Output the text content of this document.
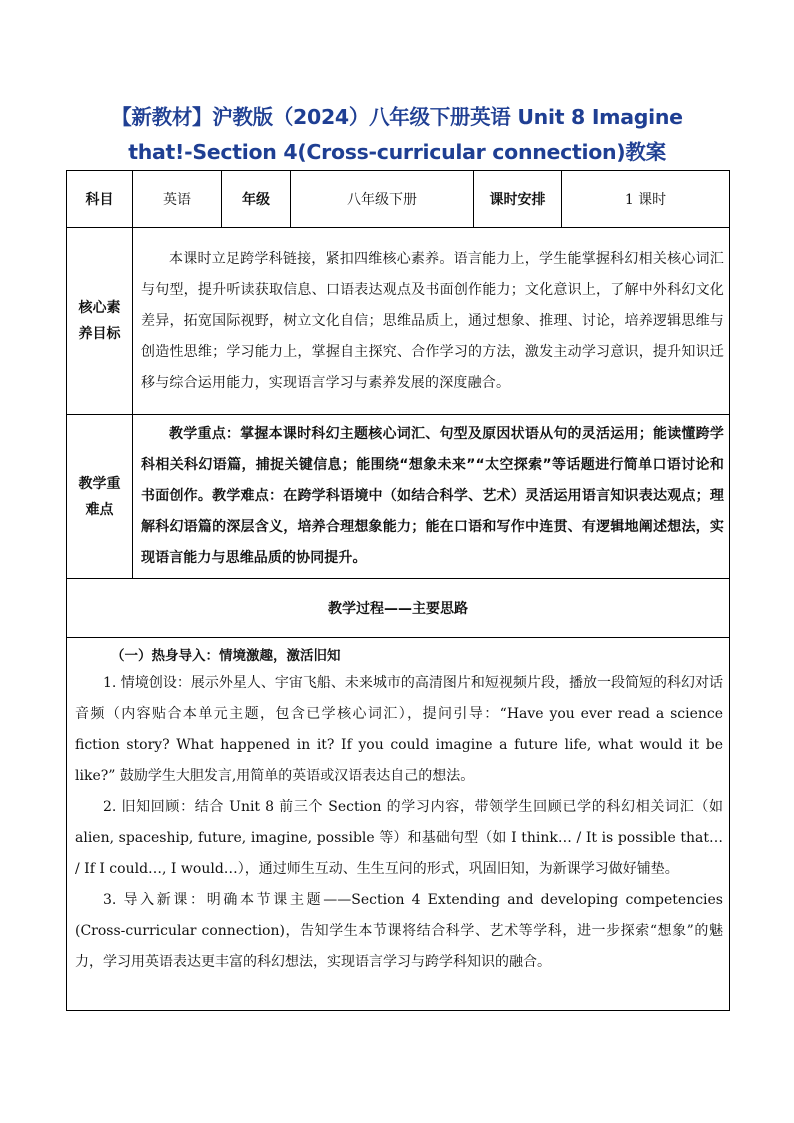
【新教材】沪教版（2024）八年级下册英语 Unit 8 Imagine
that!-Section 4(Cross-curricular connection)教案
科目	英语	年级	八年级下册	课时安排	1 课时

核心素
养目标	本课时立足跨学科链接，紧扣四维核心素养。语言能力上，学生能掌握科幻相关核心词汇与句型，提升听读获取信息、口语表达观点及书面创作能力；文化意识上，了解中外科幻文化差异，拓宽国际视野，树立文化自信；思维品质上，通过想象、推理、讨论，培养逻辑思维与创造性思维；学习能力上，掌握自主探究、合作学习的方法，激发主动学习意识，提升知识迁移与综合运用能力，实现语言学习与素养发展的深度融合。				

教学重
难点	教学重点：掌握本课时科幻主题核心词汇、句型及原因状语从句的灵活运用；能读懂跨学科相关科幻语篇，捕捉关键信息；能围绕“想象未来”“太空探索”等话题进行简单口语讨论和书面创作。教学难点：在跨学科语境中（如结合科学、艺术）灵活运用语言知识表达观点；理解科幻语篇的深层含义，培养合理想象能力；能在口语和写作中连贯、有逻辑地阐述想法，实现语言能力与思维品质的协同提升。				

教学过程——主要思路					

（一）热身导入：情境激趣，激活旧知

1. 情境创设：展示外星人、宇宙飞船、未来城市的高清图片和短视频片段，播放一段简短的科幻对话音频（内容贴合本单元主题，包含已学核心词汇），提问引导：“Have you ever read a science fiction story? What happened in it? If you could imagine a future life, what would it be like?” 鼓励学生大胆发言,用简单的英语或汉语表达自己的想法。

2. 旧知回顾：结合 Unit 8 前三个 Section 的学习内容，带领学生回顾已学的科幻相关词汇（如 alien, spaceship, future, imagine, possible 等）和基础句型（如 I think… / It is possible that… / If I could…, I would…），通过师生互动、生生互问的形式，巩固旧知，为新课学习做好铺垫。

3. 导入新课：明确本节课主题——Section 4 Extending and developing competencies (Cross-curricular connection)，告知学生本节课将结合科学、艺术等学科，进一步探索“想象”的魅力，学习用英语表达更丰富的科幻想法，实现语言学习与跨学科知识的融合。					
